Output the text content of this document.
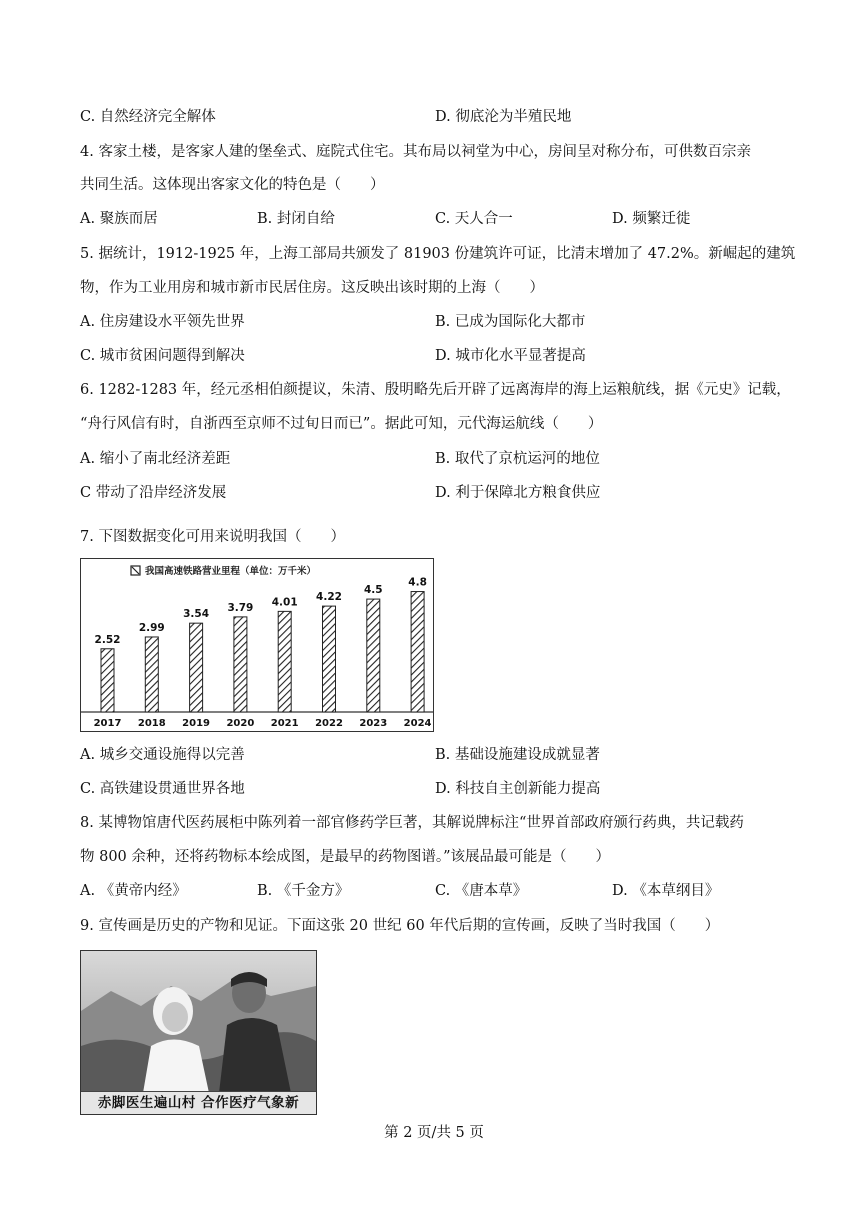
C. 自然经济完全解体	D. 彻底沦为半殖民地
4. 客家土楼，是客家人建的堡垒式、庭院式住宅。其布局以祠堂为中心，房间呈对称分布，可供数百宗亲
共同生活。这体现出客家文化的特色是（　　）
A. 聚族而居	B. 封闭自给	C. 天人合一	D. 频繁迁徙
5. 据统计，1912-1925 年，上海工部局共颁发了 81903 份建筑许可证，比清末增加了 47.2%。新崛起的建筑
物，作为工业用房和城市新市民居住房。这反映出该时期的上海（　　）
A. 住房建设水平领先世界	B. 已成为国际化大都市
C. 城市贫困问题得到解决	D. 城市化水平显著提高
6. 1282-1283 年，经元丞相伯颜提议，朱清、殷明略先后开辟了远离海岸的海上运粮航线，据《元史》记载，
“舟行风信有时，自浙西至京师不过旬日而已”。据此可知，元代海运航线（　　）
A. 缩小了南北经济差距	B. 取代了京杭运河的地位
C 带动了沿岸经济发展	D. 利于保障北方粮食供应
7. 下图数据变化可用来说明我国（　　）
我国高速铁路营业里程（单位：万千米）
2.52
2017
2.99
2018
3.54
2019
3.79
2020
4.01
2021
4.22
2022
4.5
2023
4.8
2024
A. 城乡交通设施得以完善	B. 基础设施建设成就显著
C. 高铁建设贯通世界各地	D. 科技自主创新能力提高
8. 某博物馆唐代医药展柜中陈列着一部官修药学巨著，其解说牌标注“世界首部政府颁行药典，共记载药
物 800 余种，还将药物标本绘成图，是最早的药物图谱。”该展品最可能是（　　）
A. 《黄帝内经》	B. 《千金方》	C. 《唐本草》	D. 《本草纲目》
9. 宣传画是历史的产物和见证。下面这张 20 世纪 60 年代后期的宣传画，反映了当时我国（　　）
赤脚医生遍山村 合作医疗气象新
第 2 页/共 5 页
